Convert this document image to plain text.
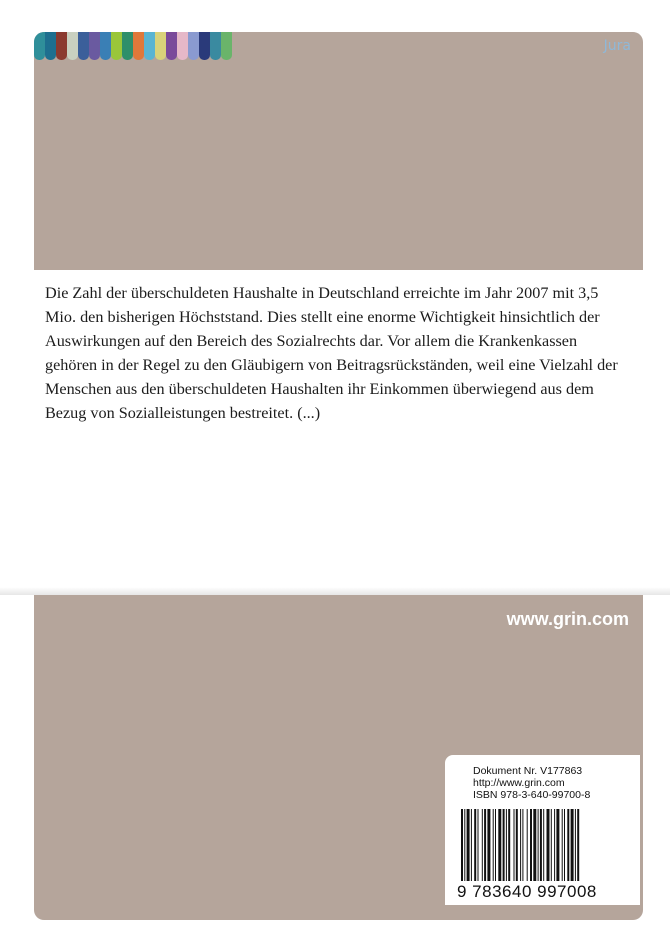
Jura
Die Zahl der überschuldeten Haushalte in Deutschland erreichte im Jahr 2007 mit 3,5 Mio. den bisherigen Höchststand. Dies stellt eine enorme Wichtigkeit hinsichtlich der Auswirkungen auf den Bereich des Sozialrechts dar. Vor allem die Krankenkassen gehören in der Regel zu den Gläubigern von Beitragsrückständen, weil eine Vielzahl der Menschen aus den überschuldeten Haushalten ihr Einkommen überwiegend aus dem Bezug von Sozialleistungen bestreitet. (...)
www.grin.com
Dokument Nr. V177863
http://www.grin.com
ISBN 978-3-640-99700-8
9 783640 997008
